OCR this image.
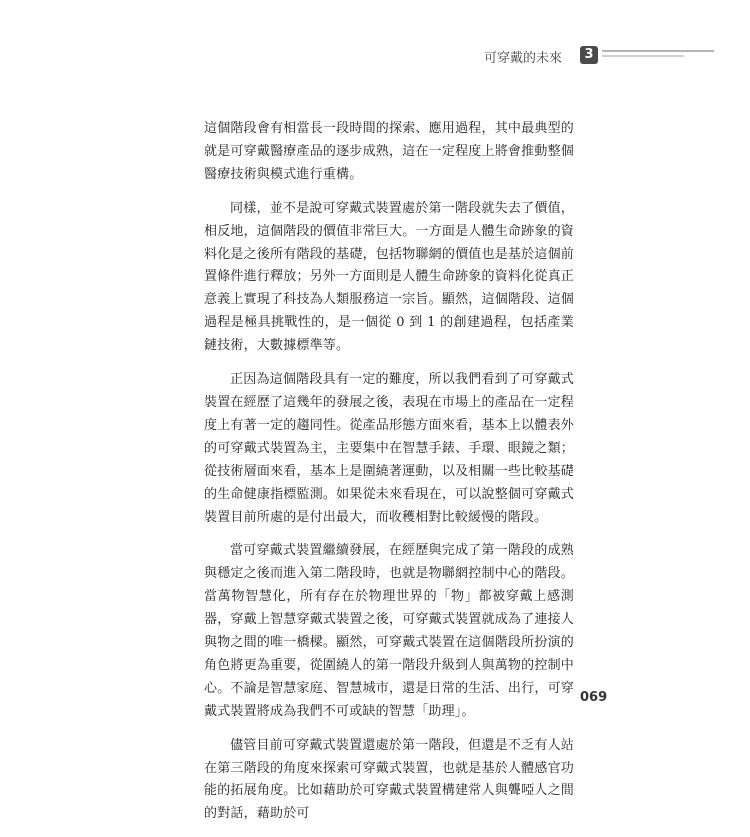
可穿戴的未來	3

這個階段會有相當長一段時間的探索、應用過程，其中最典型的就是可穿戴醫療產品的逐步成熟，這在一定程度上將會推動整個醫療技術與模式進行重構。

同樣，並不是說可穿戴式裝置處於第一階段就失去了價值，相反地，這個階段的價值非常巨大。一方面是人體生命跡象的資料化是之後所有階段的基礎，包括物聯網的價值也是基於這個前置條件進行釋放；另外一方面則是人體生命跡象的資料化從真正意義上實現了科技為人類服務這一宗旨。顯然，這個階段、這個過程是極具挑戰性的，是一個從 0 到 1 的創建過程，包括產業鏈技術，大數據標準等。

正因為這個階段具有一定的難度，所以我們看到了可穿戴式裝置在經歷了這幾年的發展之後，表現在市場上的產品在一定程度上有著一定的趨同性。從產品形態方面來看，基本上以體表外的可穿戴式裝置為主，主要集中在智慧手錶、手環、眼鏡之類；從技術層面來看，基本上是圍繞著運動，以及相關一些比較基礎的生命健康指標監測。如果從未來看現在，可以說整個可穿戴式裝置目前所處的是付出最大，而收穫相對比較緩慢的階段。

當可穿戴式裝置繼續發展，在經歷與完成了第一階段的成熟與穩定之後而進入第二階段時，也就是物聯網控制中心的階段。當萬物智慧化，所有存在於物理世界的「物」都被穿戴上感測器，穿戴上智慧穿戴式裝置之後，可穿戴式裝置就成為了連接人與物之間的唯一橋樑。顯然，可穿戴式裝置在這個階段所扮演的角色將更為重要，從圍繞人的第一階段升級到人與萬物的控制中心。不論是智慧家庭、智慧城市，還是日常的生活、出行，可穿戴式裝置將成為我們不可或缺的智慧「助理」。

儘管目前可穿戴式裝置還處於第一階段，但還是不乏有人站在第三階段的角度來探索可穿戴式裝置，也就是基於人體感官功能的拓展角度。比如藉助於可穿戴式裝置構建常人與聾啞人之間的對話，藉助於可

069
